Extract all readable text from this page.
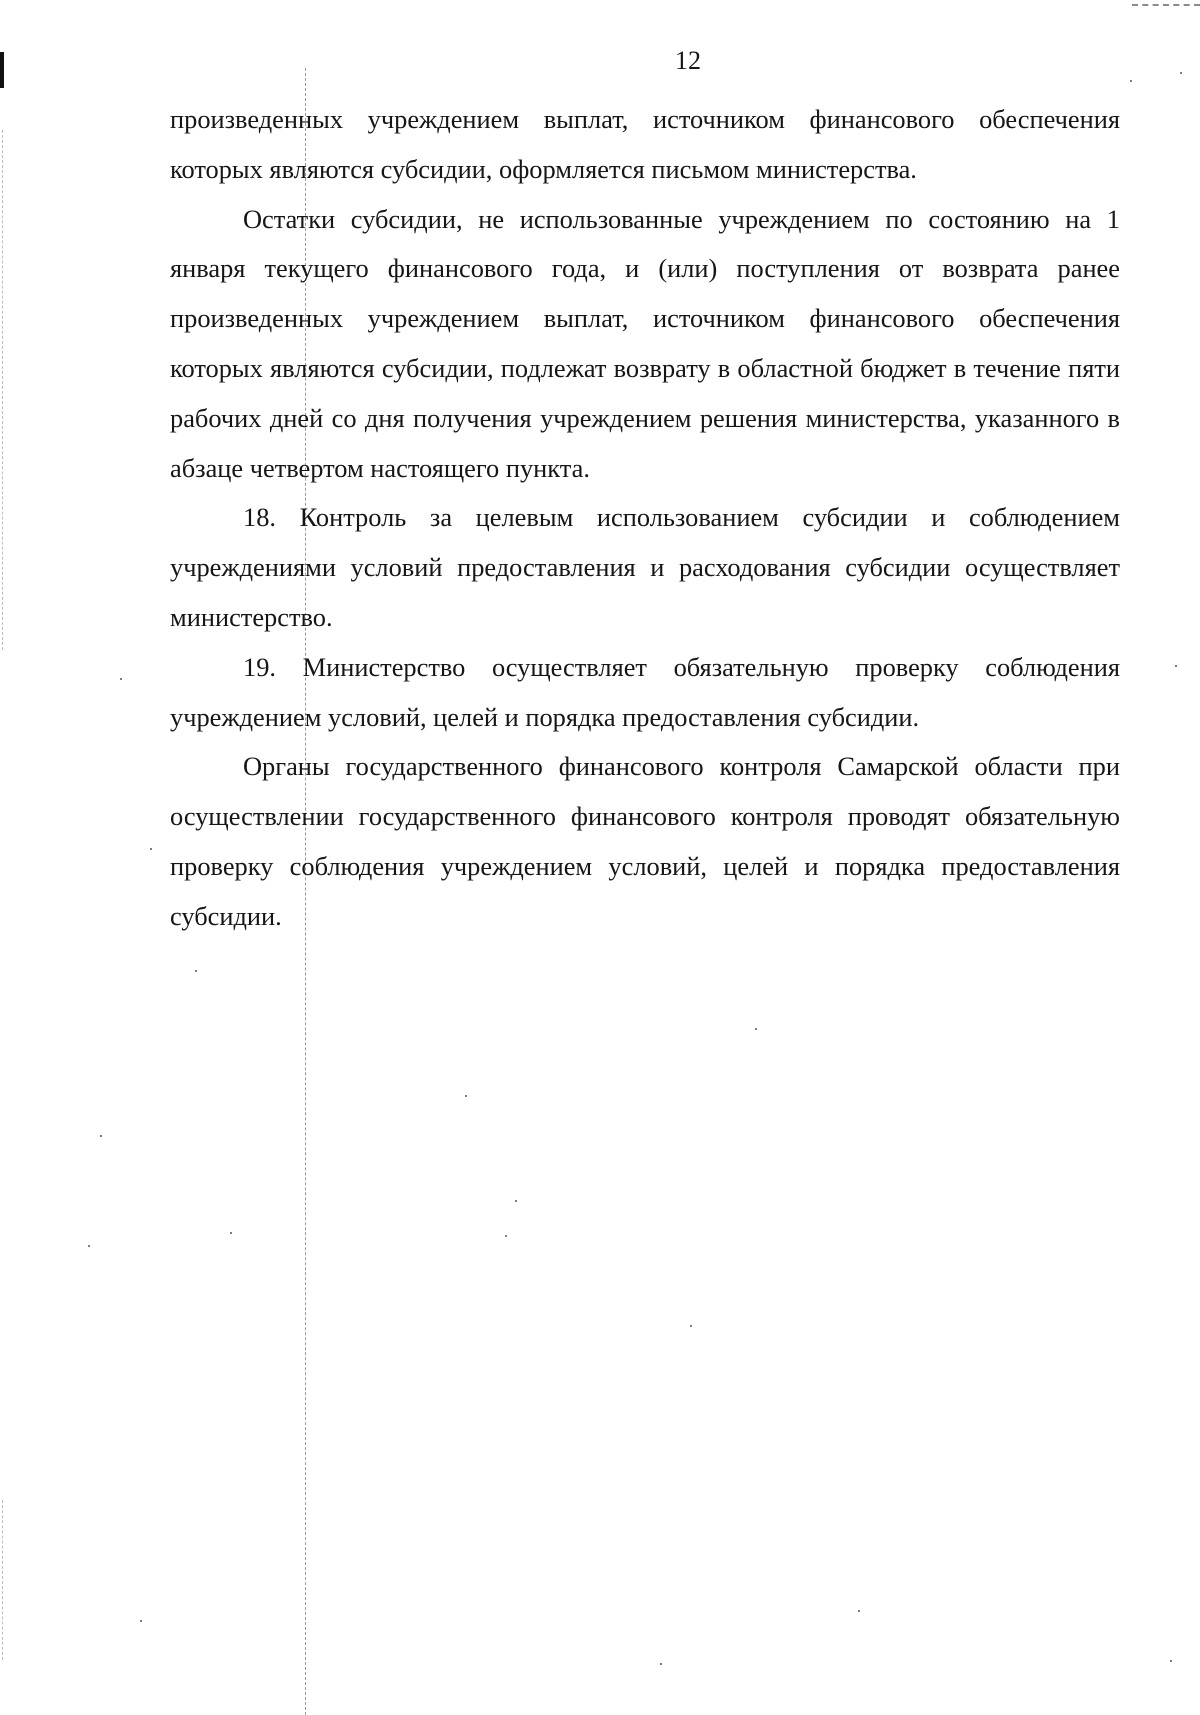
12

произведенных учреждением выплат, источником финансового обеспечения которых являются субсидии, оформляется письмом министерства.

Остатки субсидии, не использованные учреждением по состоянию на 1 января текущего финансового года, и (или) поступления от возврата ранее произведенных учреждением выплат, источником финансового обеспечения которых являются субсидии, подлежат возврату в областной бюджет в течение пяти рабочих дней со дня получения учреждением решения министерства, указанного в абзаце четвертом настоящего пункта.

18. Контроль за целевым использованием субсидии и соблюдением учреждениями условий предоставления и расходования субсидии осуществляет министерство.

19. Министерство осуществляет обязательную проверку соблюдения учреждением условий, целей и порядка предоставления субсидии.

Органы государственного финансового контроля Самарской области при осуществлении государственного финансового контроля проводят обязательную проверку соблюдения учреждением условий, целей и порядка предоставления субсидии.
